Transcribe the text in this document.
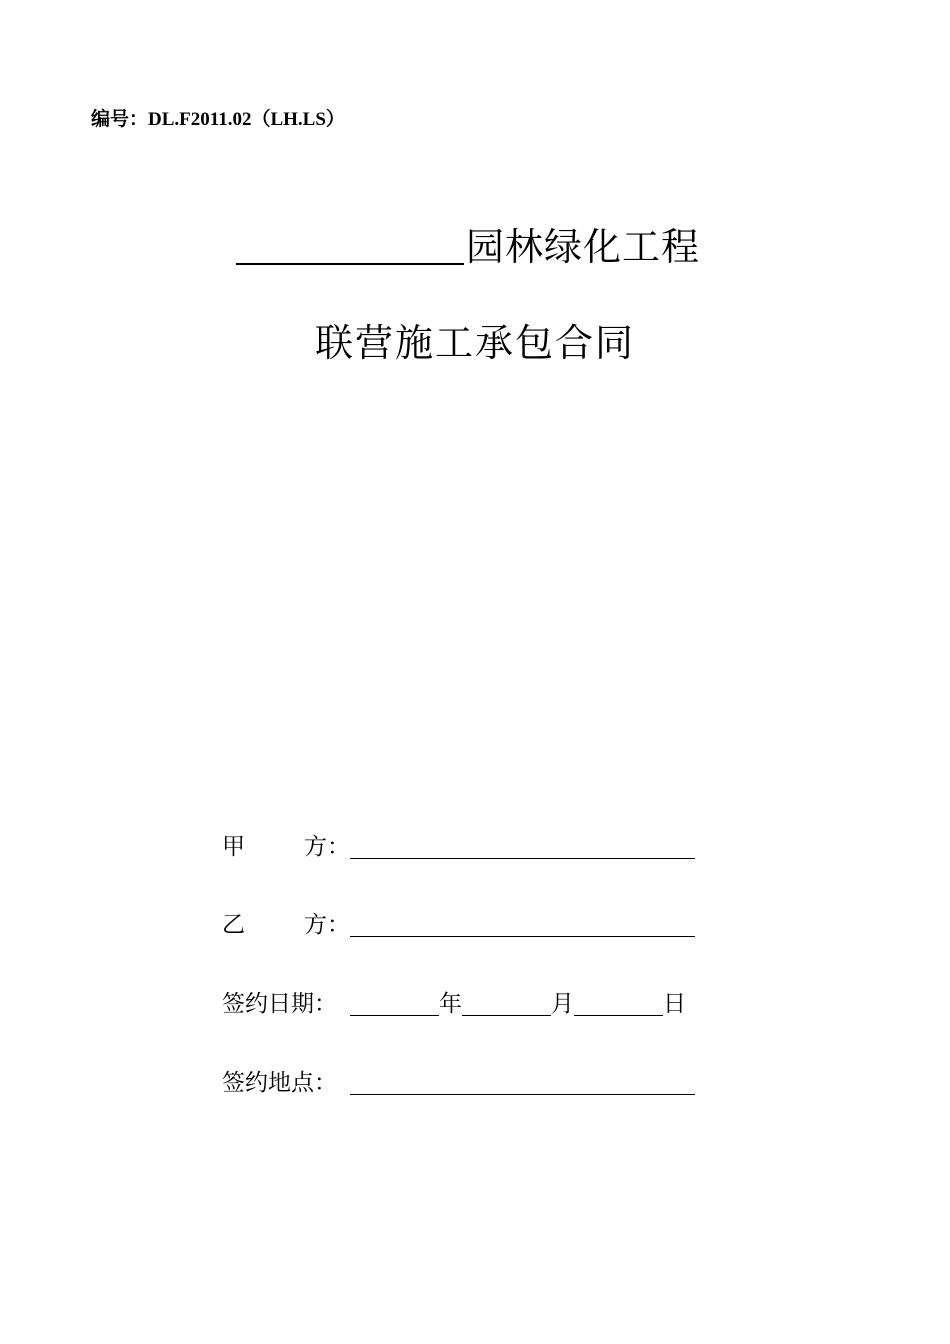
编号：DL.F2011.02（LH.LS）
园林绿化工程
联营施工承包合同
甲	方：
乙	方：
签约日期：	年	月	日
签约地点：
